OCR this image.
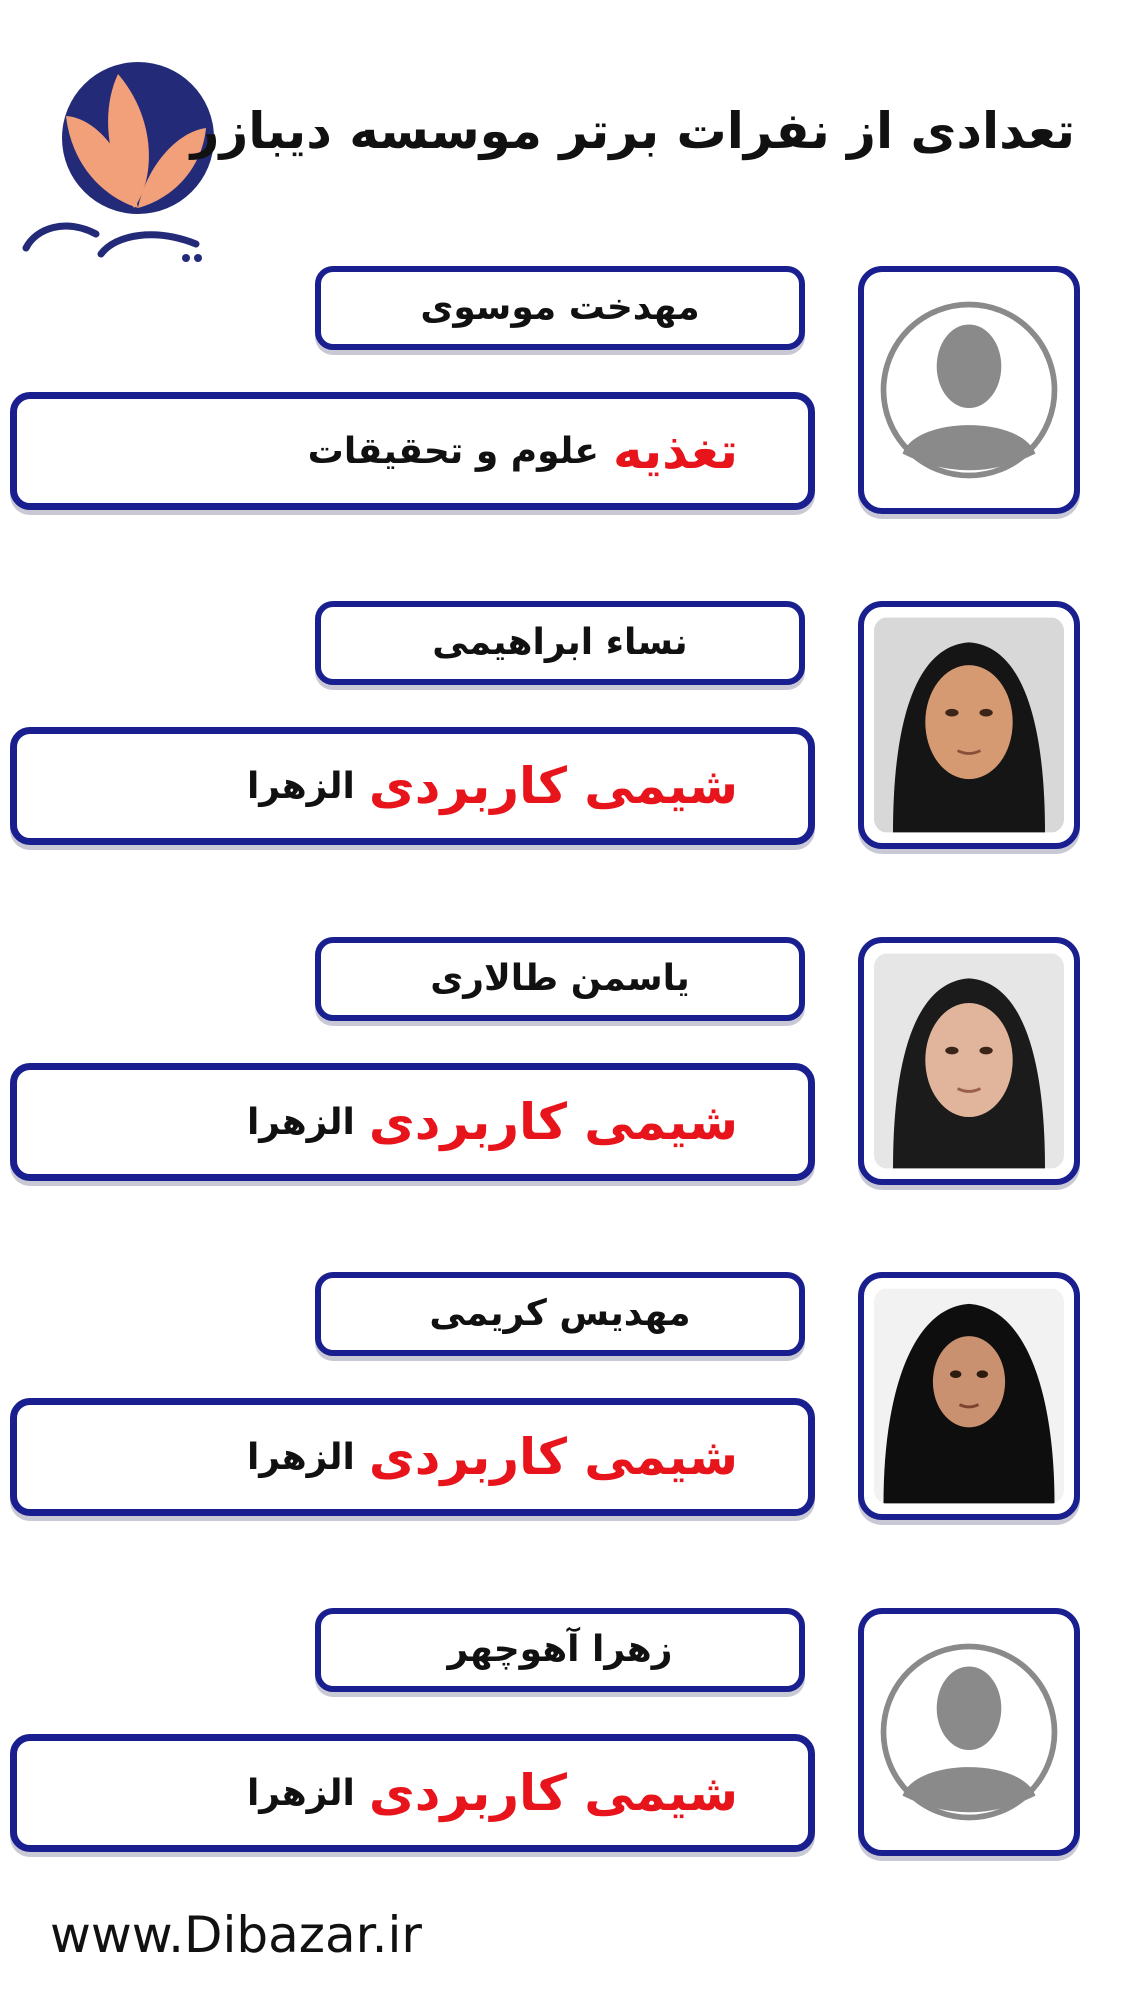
تعدادی از نفرات برتر موسسه دیبازر
مهدخت موسوی
تغذیه
علوم و تحقیقات
نساء ابراهیمی
شیمی کاربردی
الزهرا
یاسمن طالاری
شیمی کاربردی
الزهرا
مهدیس کریمی
شیمی کاربردی
الزهرا
زهرا آهوچهر
شیمی کاربردی
الزهرا
www.Dibazar.ir
